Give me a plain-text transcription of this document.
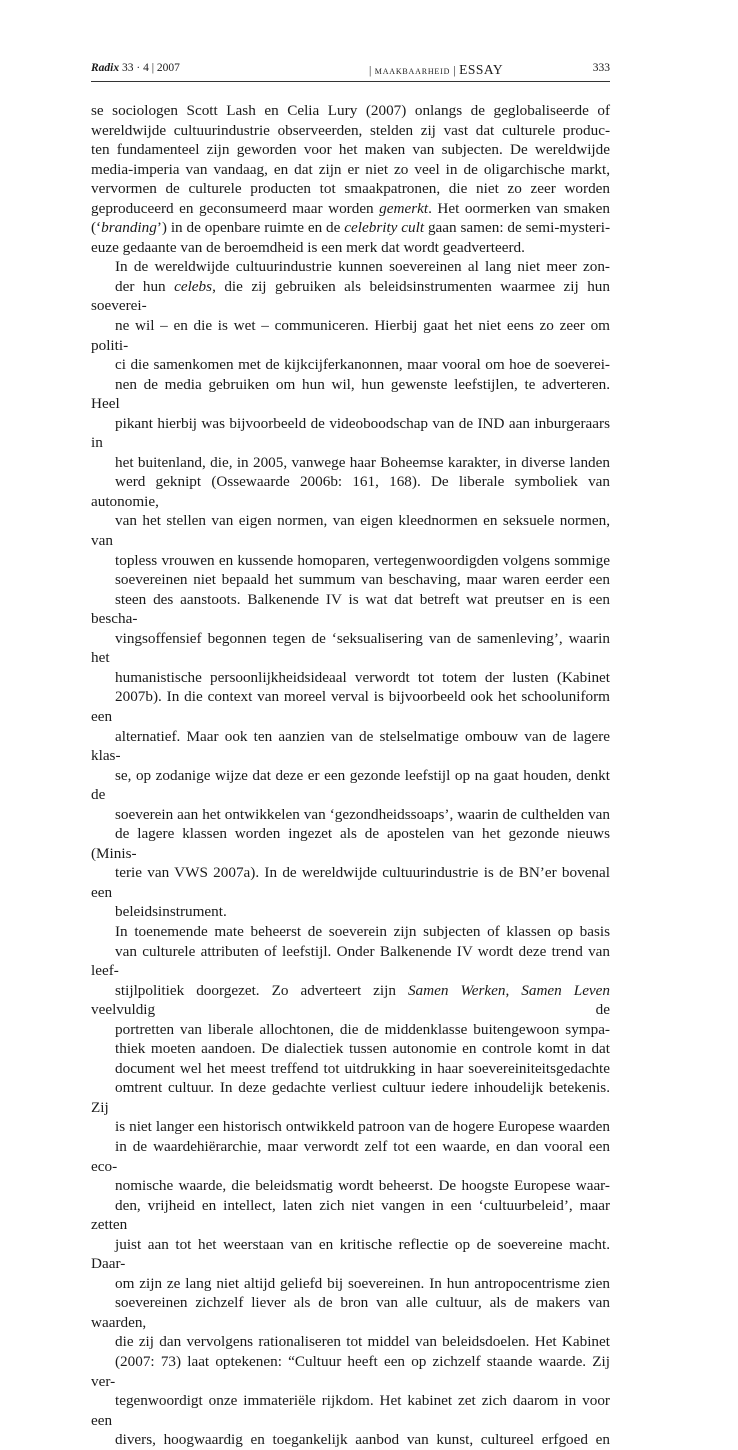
Radix 33 · 4 | 2007	| maakbaarheid | ESSAY	333

se sociologen Scott Lash en Celia Lury (2007) onlangs de geglobaliseerde of
wereldwijde cultuurindustrie observeerden, stelden zij vast dat culturele produc-
ten fundamenteel zijn geworden voor het maken van subjecten. De wereldwijde
media-imperia van vandaag, en dat zijn er niet zo veel in de oligarchische markt,
vervormen de culturele producten tot smaakpatronen, die niet zo zeer worden
geproduceerd en geconsumeerd maar worden gemerkt. Het oormerken van smaken
(‘branding’) in de openbare ruimte en de celebrity cult gaan samen: de semi-mysteri-
euze gedaante van de beroemdheid is een merk dat wordt geadverteerd.

In de wereldwijde cultuurindustrie kunnen soevereinen al lang niet meer zon-
der hun celebs, die zij gebruiken als beleidsinstrumenten waarmee zij hun soeverei-
ne wil – en die is wet – communiceren. Hierbij gaat het niet eens zo zeer om politi-
ci die samenkomen met de kijkcijferkanonnen, maar vooral om hoe de soeverei-
nen de media gebruiken om hun wil, hun gewenste leefstijlen, te adverteren. Heel
pikant hierbij was bijvoorbeeld de videoboodschap van de IND aan inburgeraars in
het buitenland, die, in 2005, vanwege haar Boheemse karakter, in diverse landen
werd geknipt (Ossewaarde 2006b: 161, 168). De liberale symboliek van autonomie,
van het stellen van eigen normen, van eigen kleednormen en seksuele normen, van
topless vrouwen en kussende homoparen, vertegenwoordigden volgens sommige
soevereinen niet bepaald het summum van beschaving, maar waren eerder een
steen des aanstoots. Balkenende IV is wat dat betreft wat preutser en is een bescha-
vingsoffensief begonnen tegen de ‘seksualisering van de samenleving’, waarin het
humanistische persoonlijkheidsideaal verwordt tot totem der lusten (Kabinet
2007b). In die context van moreel verval is bijvoorbeeld ook het schooluniform een
alternatief. Maar ook ten aanzien van de stelselmatige ombouw van de lagere klas-
se, op zodanige wijze dat deze er een gezonde leefstijl op na gaat houden, denkt de
soeverein aan het ontwikkelen van ‘gezondheidssoaps’, waarin de culthelden van
de lagere klassen worden ingezet als de apostelen van het gezonde nieuws (Minis-
terie van VWS 2007a). In de wereldwijde cultuurindustrie is de BN’er bovenal een
beleidsinstrument.

In toenemende mate beheerst de soeverein zijn subjecten of klassen op basis
van culturele attributen of leefstijl. Onder Balkenende IV wordt deze trend van leef-
stijlpolitiek doorgezet. Zo adverteert zijn Samen Werken, Samen Leven veelvuldig de
portretten van liberale allochtonen, die de middenklasse buitengewoon sympa-
thiek moeten aandoen. De dialectiek tussen autonomie en controle komt in dat
document wel het meest treffend tot uitdrukking in haar soevereiniteitsgedachte
omtrent cultuur. In deze gedachte verliest cultuur iedere inhoudelijk betekenis. Zij
is niet langer een historisch ontwikkeld patroon van de hogere Europese waarden
in de waardehiërarchie, maar verwordt zelf tot een waarde, en dan vooral een eco-
nomische waarde, die beleidsmatig wordt beheerst. De hoogste Europese waar-
den, vrijheid en intellect, laten zich niet vangen in een ‘cultuurbeleid’, maar zetten
juist aan tot het weerstaan van en kritische reflectie op de soevereine macht. Daar-
om zijn ze lang niet altijd geliefd bij soevereinen. In hun antropocentrisme zien
soevereinen zichzelf liever als de bron van alle cultuur, als de makers van waarden,
die zij dan vervolgens rationaliseren tot middel van beleidsdoelen. Het Kabinet
(2007: 73) laat optekenen: “Cultuur heeft een op zichzelf staande waarde. Zij ver-
tegenwoordigt onze immateriële rijkdom. Het kabinet zet zich daarom in voor een
divers, hoogwaardig en toegankelijk aanbod van kunst, cultureel erfgoed en
